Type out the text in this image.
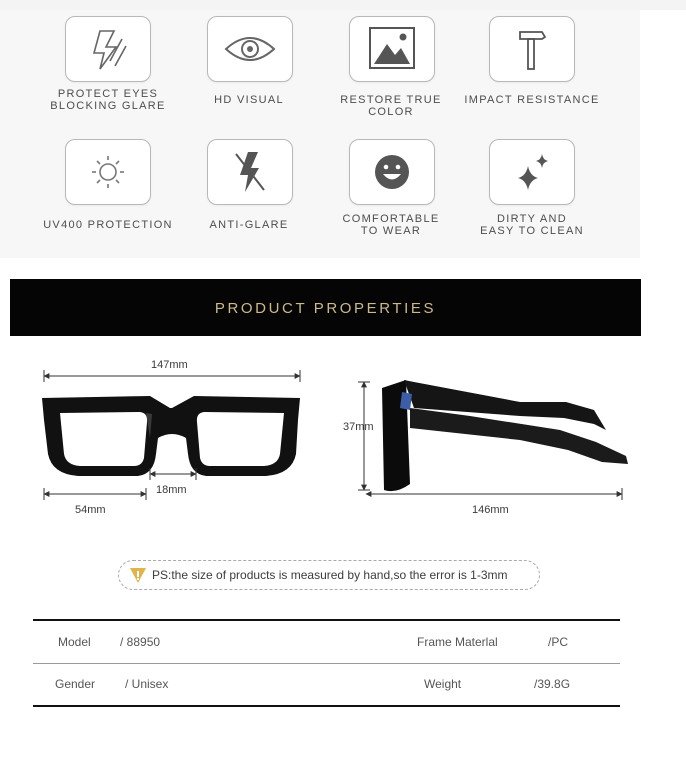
PROTECT EYES
BLOCKING GLARE	HD VISUAL	RESTORE TRUE COLOR
IMPACT RESISTANCE
UV400 PROTECTION	ANTI-GLARE	COMFORTABLE
TO WEAR
DIRTY AND
EASY TO CLEAN
PRODUCT PROPERTIES
147mm
18mm
54mm
37mm
146mm
PS:the size of products is measured by hand,so the error is 1-3mm
Model / 88950	Frame Materlal	/PC
Gender / Unisex	Weight	/39.8G
